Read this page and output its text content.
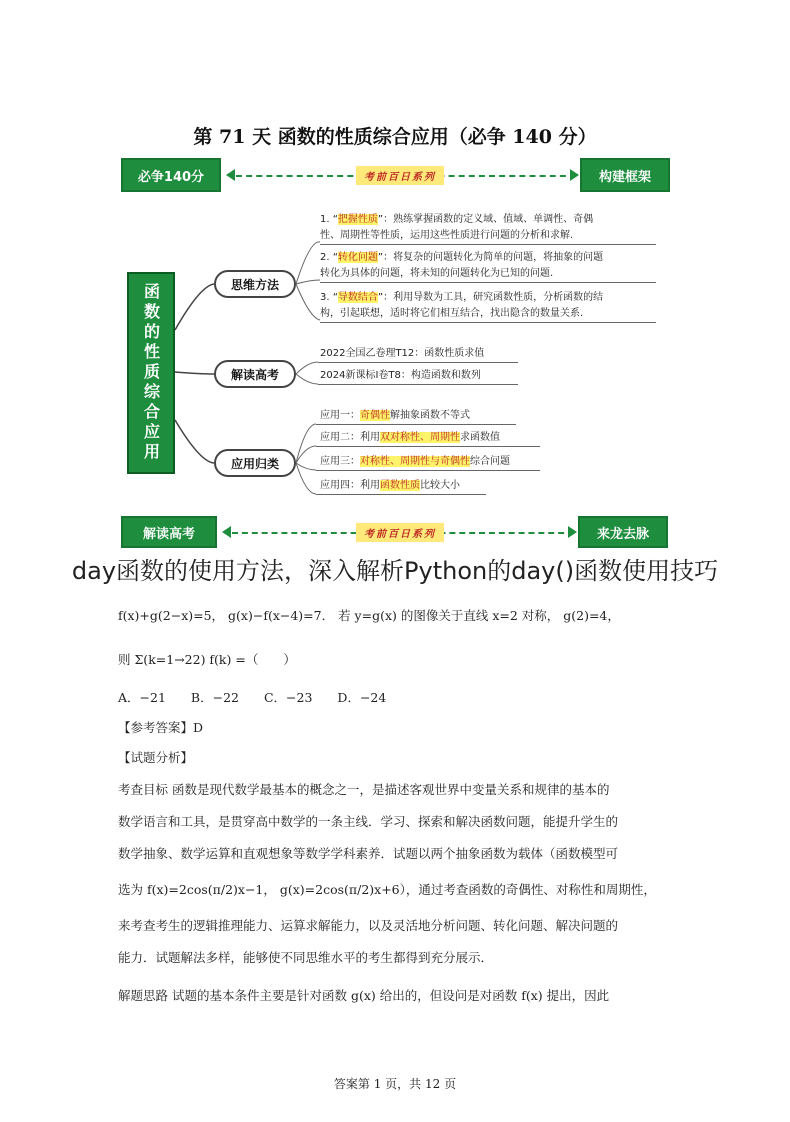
第 71 天 函数的性质综合应用（必争 140 分）
必争140分	考前百日系列	构建框架
函数的性质综合应用	思维方法
解读高考
应用归类
1. “把握性质”：熟练掌握函数的定义域、值域、单调性、奇偶
性、周期性等性质，运用这些性质进行问题的分析和求解.
2. “转化问题”：将复杂的问题转化为简单的问题，将抽象的问题
转化为具体的问题，将未知的问题转化为已知的问题.
3. “导数结合”：利用导数为工具，研究函数性质，分析函数的结
构，引起联想，适时将它们相互结合，找出隐含的数量关系.
2022全国乙卷理T12：函数性质求值
2024新课标Ⅰ卷T8：构造函数和数列
应用一：奇偶性解抽象函数不等式
应用二：利用双对称性、周期性求函数值
应用三：对称性、周期性与奇偶性综合问题
应用四：利用函数性质比较大小
解读高考	考前百日系列	来龙去脉
day函数的使用方法，深入解析Python的day()函数使用技巧
f(x)+g(2−x)=5， g(x)−f(x−4)=7． 若 y=g(x) 的图像关于直线 x=2 对称， g(2)=4，
则 Σ(k=1→22) f(k) =（　　）
A．−21　　B．−22　　C．−23　　D．−24
【参考答案】D
【试题分析】
考查目标 函数是现代数学最基本的概念之一，是描述客观世界中变量关系和规律的基本的
数学语言和工具，是贯穿高中数学的一条主线．学习、探索和解决函数问题，能提升学生的
数学抽象、数学运算和直观想象等数学学科素养．试题以两个抽象函数为载体（函数模型可
选为 f(x)=2cos(π/2)x−1， g(x)=2cos(π/2)x+6），通过考查函数的奇偶性、对称性和周期性，
来考查考生的逻辑推理能力、运算求解能力，以及灵活地分析问题、转化问题、解决问题的
能力．试题解法多样，能够使不同思维水平的考生都得到充分展示．
解题思路 试题的基本条件主要是针对函数 g(x) 给出的，但设问是对函数 f(x) 提出，因此
答案第 1 页，共 12 页
